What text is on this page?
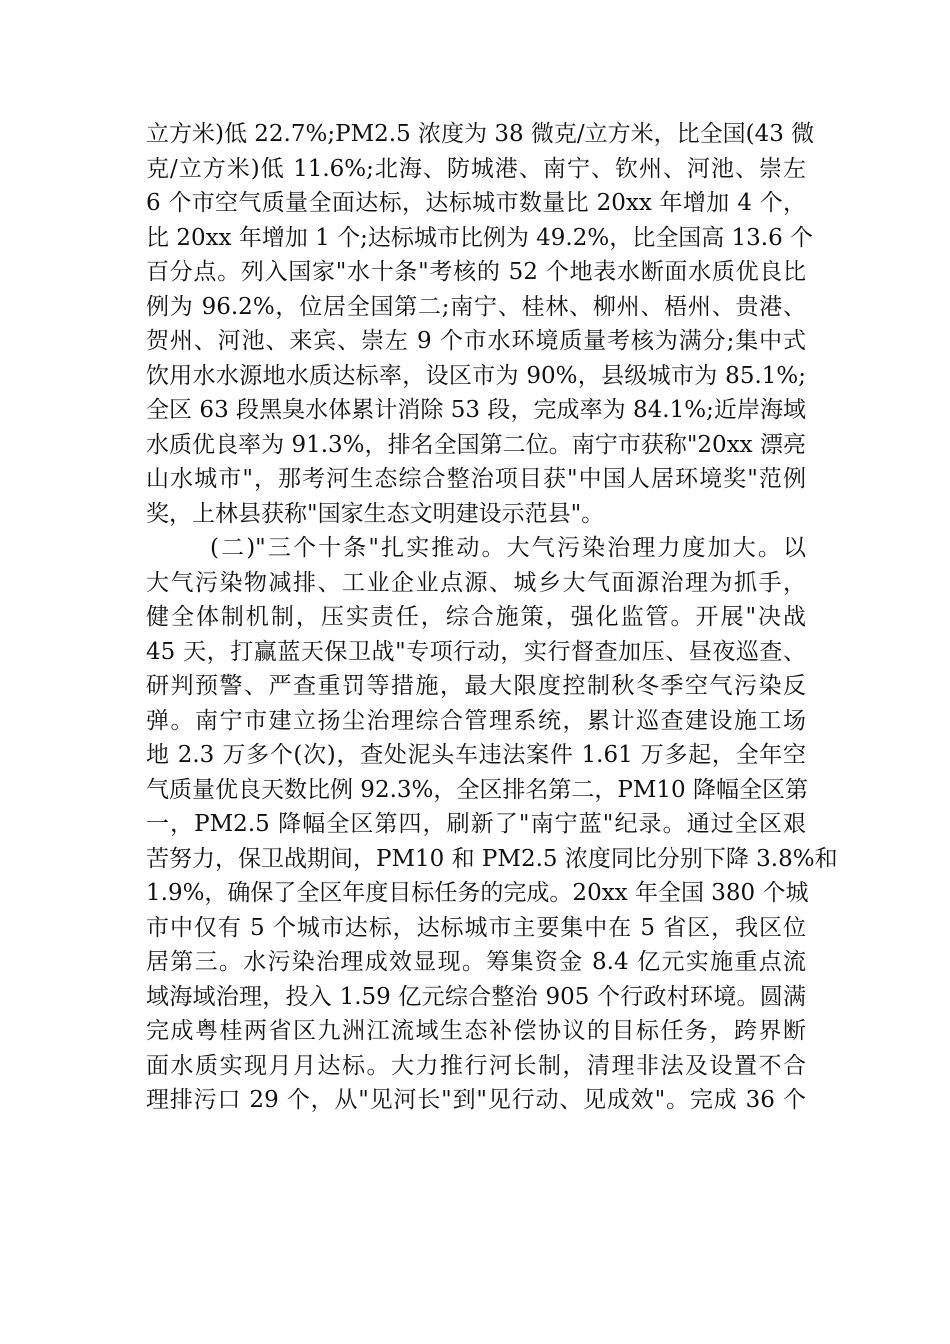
立方米)低 22.7%;PM2.5 浓度为 38 微克/立方米，比全国(43 微
克/立方米)低 11.6%;北海、防城港、南宁、钦州、河池、崇左
6 个市空气质量全面达标，达标城市数量比 20xx 年增加 4 个，
比 20xx 年增加 1 个;达标城市比例为 49.2%，比全国高 13.6 个
百分点。列入国家"水十条"考核的 52 个地表水断面水质优良比
例为 96.2%，位居全国第二;南宁、桂林、柳州、梧州、贵港、
贺州、河池、来宾、崇左 9 个市水环境质量考核为满分;集中式
饮用水水源地水质达标率，设区市为 90%，县级城市为 85.1%;
全区 63 段黑臭水体累计消除 53 段，完成率为 84.1%;近岸海域
水质优良率为 91.3%，排名全国第二位。南宁市获称"20xx 漂亮
山水城市"，那考河生态综合整治项目获"中国人居环境奖"范例
奖，上林县获称"国家生态文明建设示范县"。
(二)"三个十条"扎实推动。大气污染治理力度加大。以
大气污染物减排、工业企业点源、城乡大气面源治理为抓手，
健全体制机制，压实责任，综合施策，强化监管。开展"决战
45 天，打赢蓝天保卫战"专项行动，实行督查加压、昼夜巡查、
研判预警、严查重罚等措施，最大限度控制秋冬季空气污染反
弹。南宁市建立扬尘治理综合管理系统，累计巡查建设施工场
地 2.3 万多个(次)，查处泥头车违法案件 1.61 万多起，全年空
气质量优良天数比例 92.3%，全区排名第二，PM10 降幅全区第
一，PM2.5 降幅全区第四，刷新了"南宁蓝"纪录。通过全区艰
苦努力，保卫战期间，PM10 和 PM2.5 浓度同比分别下降 3.8%和
1.9%，确保了全区年度目标任务的完成。20xx 年全国 380 个城
市中仅有 5 个城市达标，达标城市主要集中在 5 省区，我区位
居第三。水污染治理成效显现。筹集资金 8.4 亿元实施重点流
域海域治理，投入 1.59 亿元综合整治 905 个行政村环境。圆满
完成粤桂两省区九洲江流域生态补偿协议的目标任务，跨界断
面水质实现月月达标。大力推行河长制，清理非法及设置不合
理排污口 29 个，从"见河长"到"见行动、见成效"。完成 36 个
